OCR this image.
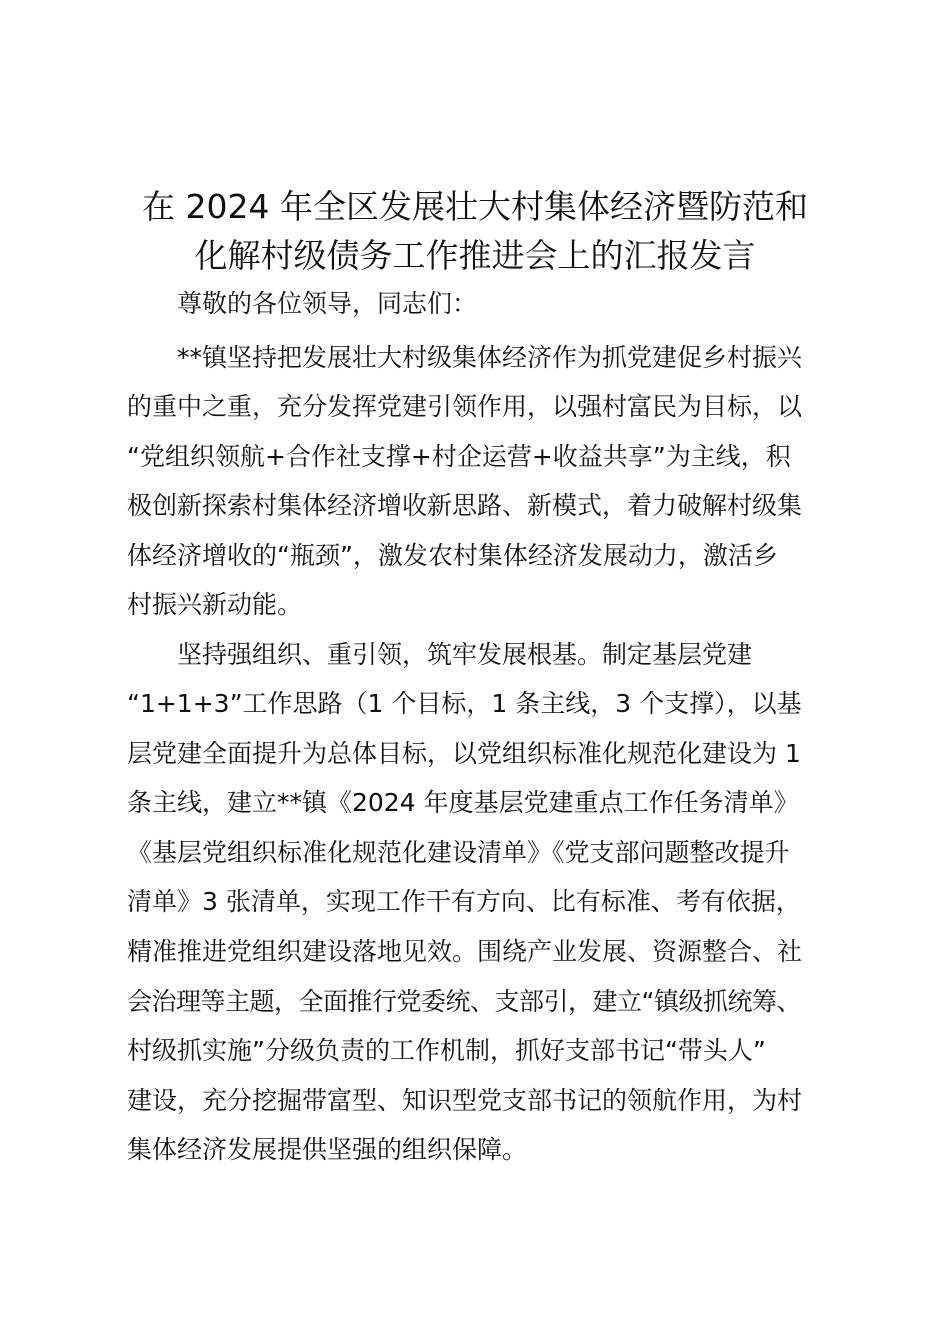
在 2024 年全区发展壮大村集体经济暨防范和
化解村级债务工作推进会上的汇报发言

尊敬的各位领导，同志们：

**镇坚持把发展壮大村级集体经济作为抓党建促乡村振兴

的重中之重，充分发挥党建引领作用，以强村富民为目标，以

“党组织领航+合作社支撑+村企运营+收益共享”为主线，积

极创新探索村集体经济增收新思路、新模式，着力破解村级集

体经济增收的“瓶颈”，激发农村集体经济发展动力，激活乡

村振兴新动能。

坚持强组织、重引领，筑牢发展根基。制定基层党建

“1+1+3”工作思路（1 个目标，1 条主线，3 个支撑），以基

层党建全面提升为总体目标，以党组织标准化规范化建设为 1

条主线，建立**镇《2024 年度基层党建重点工作任务清单》

《基层党组织标准化规范化建设清单》《党支部问题整改提升

清单》3 张清单，实现工作干有方向、比有标准、考有依据，

精准推进党组织建设落地见效。围绕产业发展、资源整合、社

会治理等主题，全面推行党委统、支部引，建立“镇级抓统筹、

村级抓实施”分级负责的工作机制，抓好支部书记“带头人”

建设，充分挖掘带富型、知识型党支部书记的领航作用，为村

集体经济发展提供坚强的组织保障。
